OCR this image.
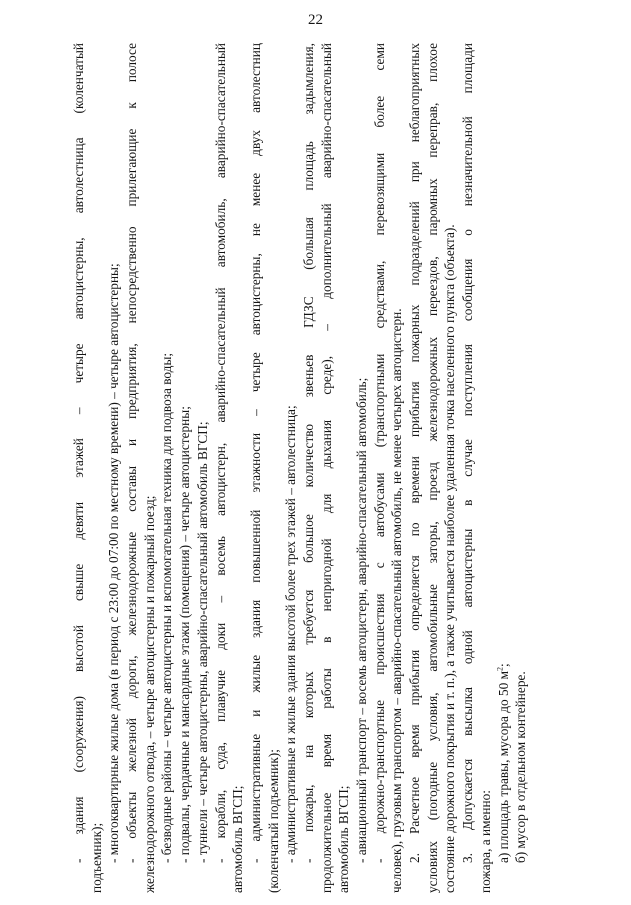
22
- здания (сооружения) высотой свыше девяти этажей – четыре автоцистерны, автолестница (коленчатый подъемник); - многоквартирные жилые дома (в период с 23:00 до 07:00 по местному времени) – четыре автоцистерны; - объекты железной дороги, железнодорожные составы и предприятия, непосредственно прилегающие к полосе железнодорожного отвода, – четыре автоцистерны и пожарный поезд; - безводные районы – четыре автоцистерны и вспомогательная техника для подвоза воды; - подвалы, чердачные и мансардные этажи (помещения) – четыре автоцистерны; - туннели – четыре автоцистерны, аварийно-спасательный автомобиль ВГСП; - корабли, суда, плавучие доки – восемь автоцистерн, аварийно-спасательный автомобиль, аварийно-спасательный автомобиль ВГСП; - административные и жилые здания повышенной этажности – четыре автоцистерны, не менее двух автолестниц (коленчатый подъемник); - административные и жилые здания высотой более трех этажей – автолестница; - пожары, на которых требуется большое количество звеньев ГДЗС (большая площадь задымления, продолжительное время работы в непригодной для дыхания среде), – дополнительный аварийно-спасательный автомобиль ВГСП; - авиационный транспорт – восемь автоцистерн, аварийно-спасательный автомобиль; - дорожно-транспортные происшествия с автобусами (транспортными средствами, перевозящими более семи человек), грузовым транспортом – аварийно-спасательный автомобиль, не менее четырех автоцистерн. 2. Расчетное время прибытия определяется по времени прибытия пожарных подразделений при неблагоприятных условиях (погодные условия, автомобильные заторы, проезд железнодорожных переездов, паромных переправ, плохое состояние дорожного покрытия и т. п.), а также учитывается наиболее удаленная точка населенного пункта (объекта). 3. Допускается высылка одной автоцистерны в случае поступления сообщения о незначительной площади пожара, а именно: а) площадь травы, мусора до 50 $м^2$;
б) мусор в отдельном контейнере.
